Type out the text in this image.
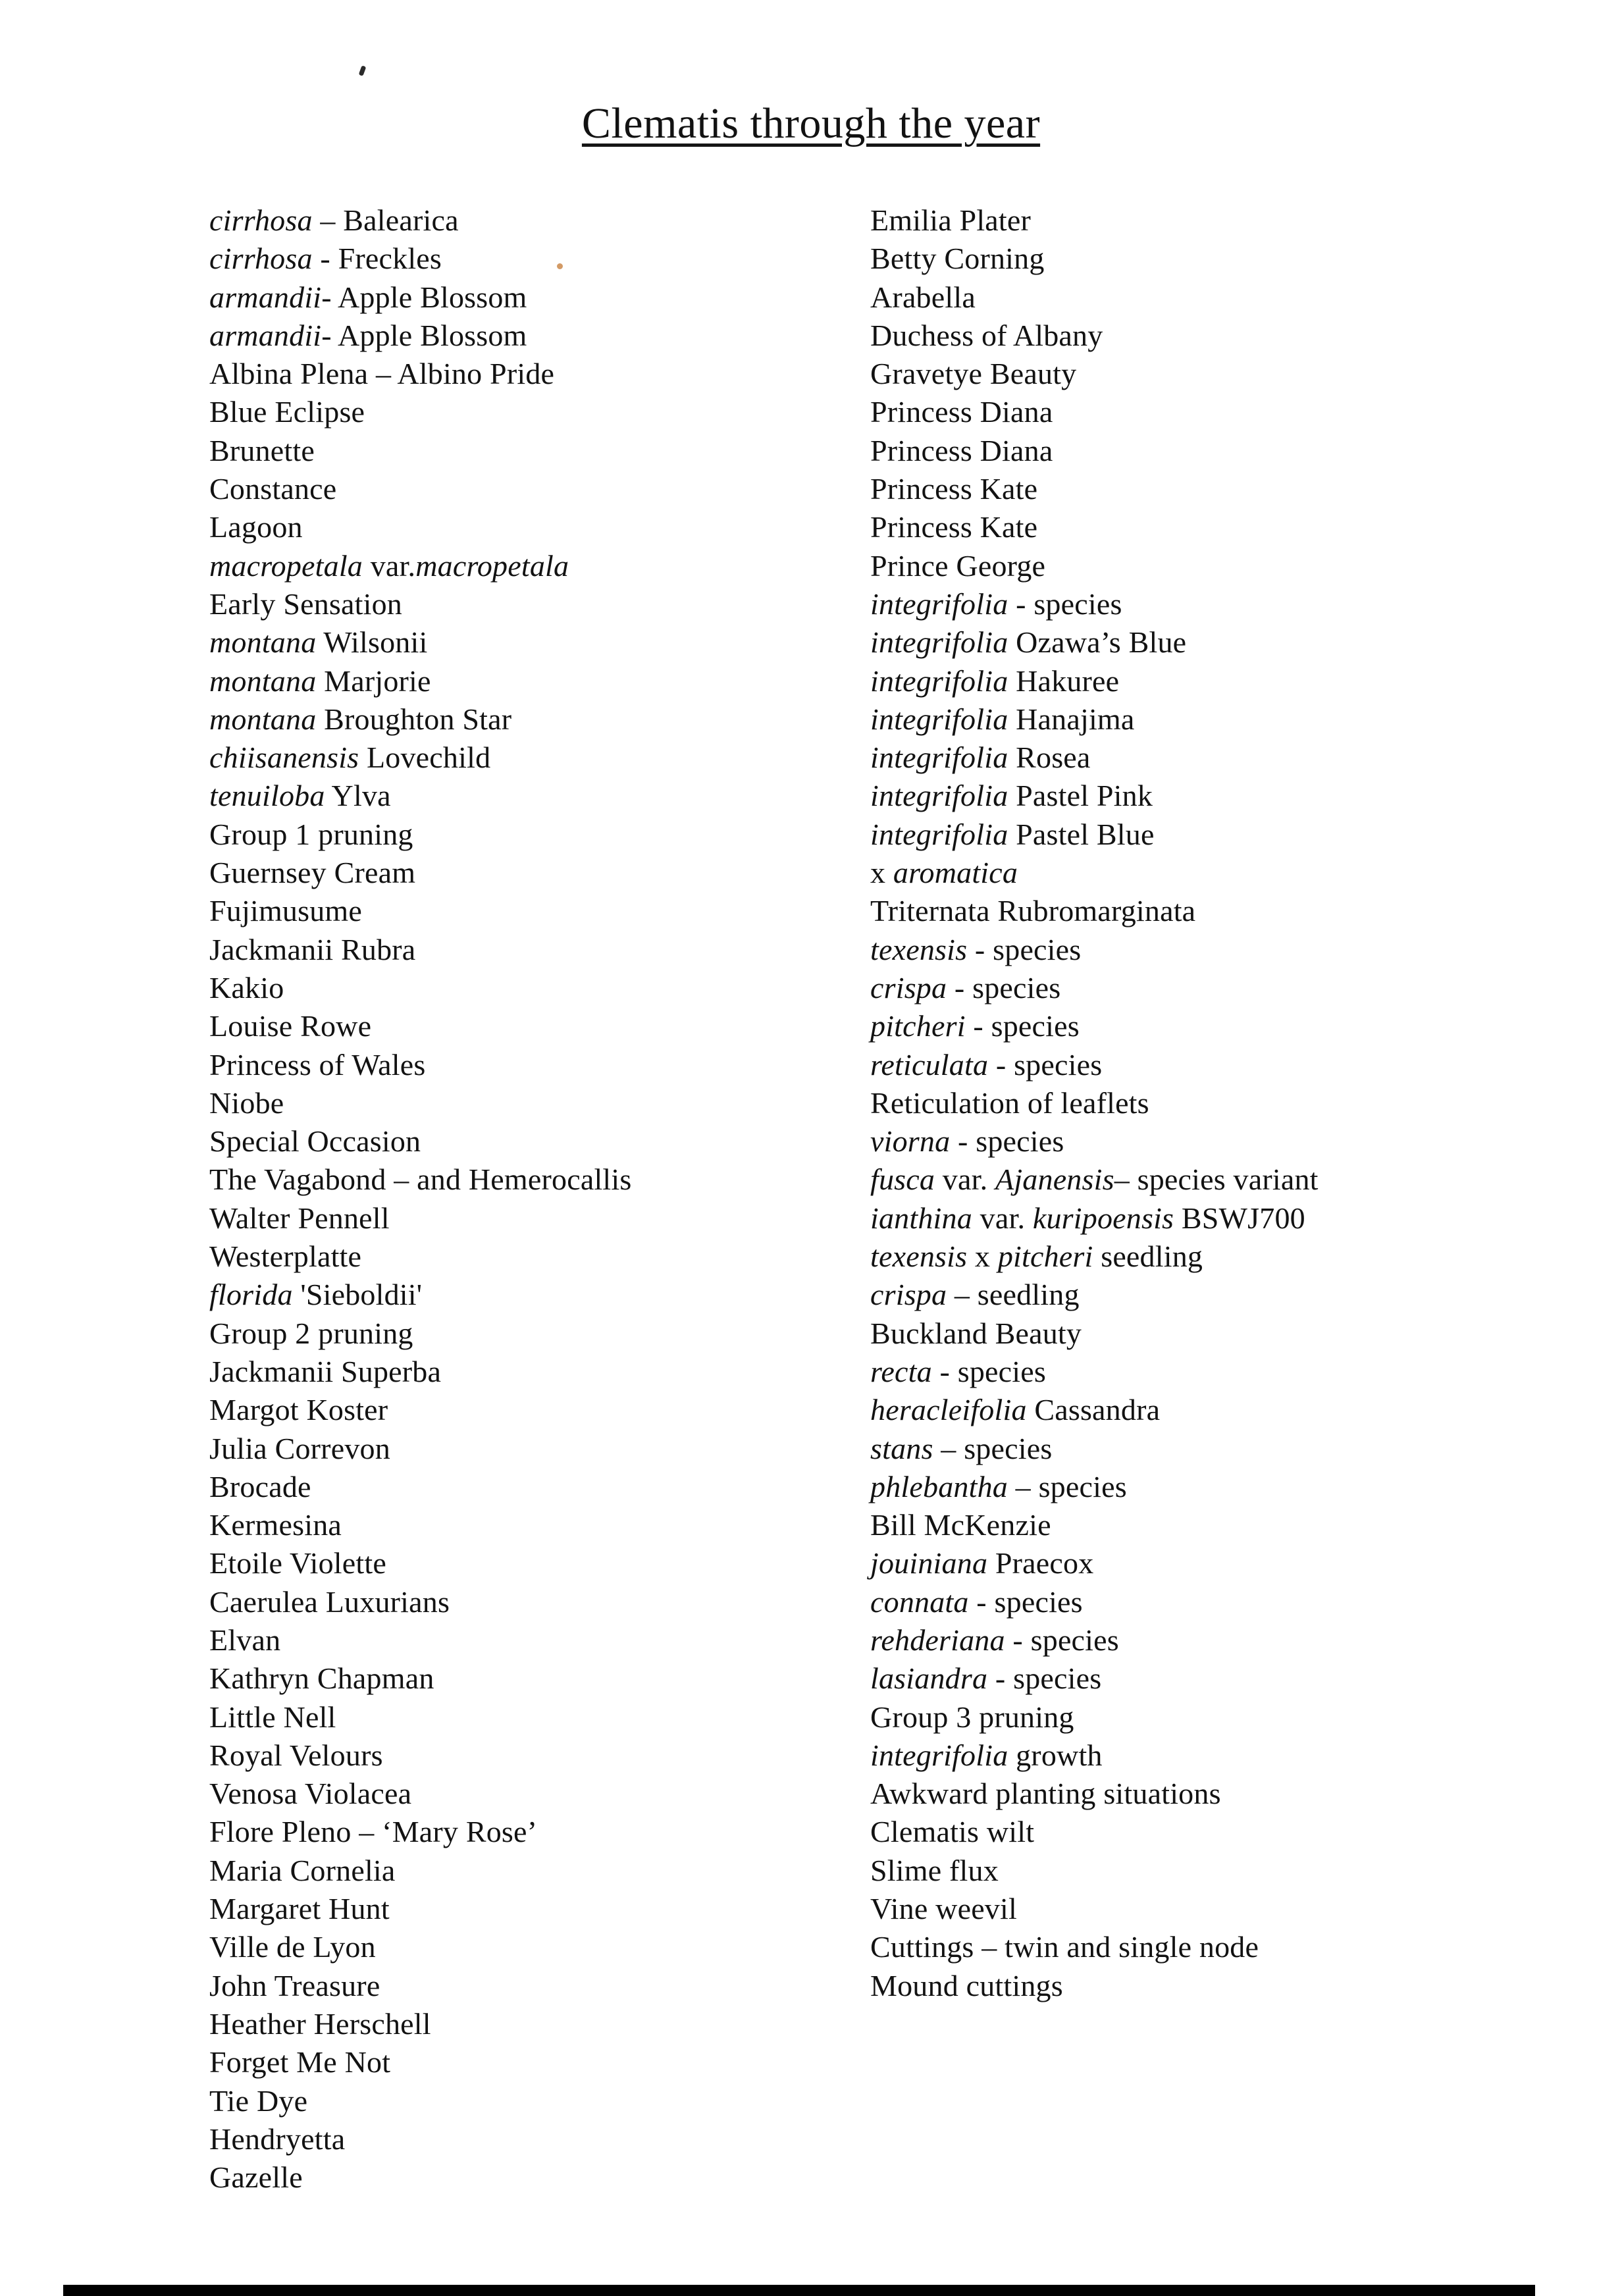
Clematis through the year
cirrhosa – Balearica
cirrhosa - Freckles
armandii- Apple Blossom
armandii- Apple Blossom
Albina Plena – Albino Pride
Blue Eclipse
Brunette
Constance
Lagoon
macropetala var.macropetala
Early Sensation
montana Wilsonii
montana Marjorie
montana Broughton Star
chiisanensis Lovechild
tenuiloba Ylva
Group 1 pruning
Guernsey Cream
Fujimusume
Jackmanii Rubra
Kakio
Louise Rowe
Princess of Wales
Niobe
Special Occasion
The Vagabond – and Hemerocallis
Walter Pennell
Westerplatte
florida 'Sieboldii'
Group 2 pruning
Jackmanii Superba
Margot Koster
Julia Correvon
Brocade
Kermesina
Etoile Violette
Caerulea Luxurians
Elvan
Kathryn Chapman
Little Nell
Royal Velours
Venosa Violacea
Flore Pleno – ‘Mary Rose’
Maria Cornelia
Margaret Hunt
Ville de Lyon
John Treasure
Heather Herschell
Forget Me Not
Tie Dye
Hendryetta
Gazelle
Emilia Plater
Betty Corning
Arabella
Duchess of Albany
Gravetye Beauty
Princess Diana
Princess Diana
Princess Kate
Princess Kate
Prince George
integrifolia - species
integrifolia Ozawa’s Blue
integrifolia Hakuree
integrifolia Hanajima
integrifolia Rosea
integrifolia Pastel Pink
integrifolia Pastel Blue
x aromatica
Triternata Rubromarginata
texensis - species
crispa - species
pitcheri - species
reticulata - species
Reticulation of leaflets
viorna - species
fusca var. Ajanensis– species variant
ianthina var. kuripoensis BSWJ700
texensis x pitcheri seedling
crispa – seedling
Buckland Beauty
recta - species
heracleifolia Cassandra
stans – species
phlebantha – species
Bill McKenzie
jouiniana Praecox
connata - species
rehderiana - species
lasiandra - species
Group 3 pruning
integrifolia growth
Awkward planting situations
Clematis wilt
Slime flux
Vine weevil
Cuttings – twin and single node
Mound cuttings
